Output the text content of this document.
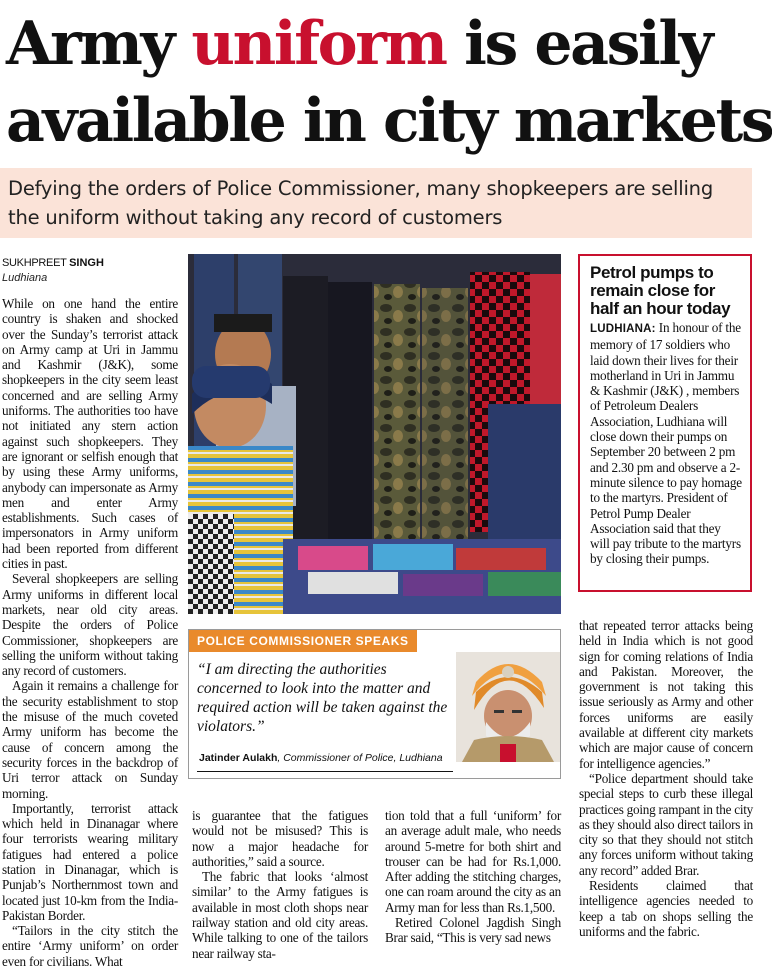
Army uniform is easily
available in city markets
Defying the orders of Police Commissioner, many shopkeepers are selling the uniform without taking any record of customers
SUKHPREET SINGH
Ludhiana

While on one hand the entire country is shaken and shocked over the Sunday’s terrorist attack on Army camp at Uri in Jammu and Kashmir (J&K), some shopkeepers in the city seem least concerned and are selling Army uniforms. The authorities too have not initiated any stern action against such shopkeepers. They are ignorant or selfish enough that by using these Army uniforms, anybody can impersonate as Army men and enter Army establishments. Such cases of impersonators in Army uniform had been reported from different cities in past.

Several shopkeepers are selling Army uniforms in different local markets, near old city areas. Despite the orders of Police Commissioner, shopkeepers are selling the uniform without taking any record of customers.

Again it remains a challenge for the security establishment to stop the misuse of the much coveted Army uniform has become the cause of concern among the security forces in the backdrop of Uri terror attack on Sunday morning.

Importantly, terrorist attack which held in Dinanagar where four terrorists wearing military fatigues had entered a police station in Dinanagar, which is Punjab’s Northernmost town and located just 10-km from the India-Pakistan Border.

“Tailors in the city stitch the entire ‘Army uniform’ on order even for civilians. What

is guarantee that the fatigues would not be misused? This is now a major headache for authorities,” said a source.

The fabric that looks ‘almost similar’ to the Army fatigues is available in most cloth shops near railway station and old city areas. While talking to one of the tailors near railway sta-

tion told that a full ‘uniform’ for an average adult male, who needs around 5-metre for both shirt and trouser can be had for Rs.1,000. After adding the stitching charges, one can roam around the city as an Army man for less than Rs.1,500.

Retired Colonel Jagdish Singh Brar said, “This is very sad news

that repeated terror attacks being held in India which is not good sign for coming relations of India and Pakistan. Moreover, the government is not taking this issue seriously as Army and other forces uniforms are easily available at different city markets which are major cause of concern for intelligence agencies.”

“Police department should take special steps to curb these illegal practices going rampant in the city as they should also direct tailors in city so that they should not stitch any forces uniform without taking any record” added Brar.

Residents claimed that intelligence agencies needed to keep a tab on shops selling the uniforms and the fabric.

Petrol pumps to remain close for half an hour today
LUDHIANA: In honour of the memory of 17 soldiers who laid down their lives for their motherland in Uri in Jammu & Kashmir (J&K) , members of Petroleum Dealers Association, Ludhiana will close down their pumps on September 20 between 2 pm and 2.30 pm and observe a 2-minute silence to pay homage to the martyrs. President of Petrol Pump Dealer Association said that they will pay tribute to the martyrs by closing their pumps.
POLICE COMMISSIONER SPEAKS
“I am directing the authorities concerned to look into the matter and required action will be taken against the violators.”
Jatinder Aulakh, Commissioner of Police, Ludhiana
